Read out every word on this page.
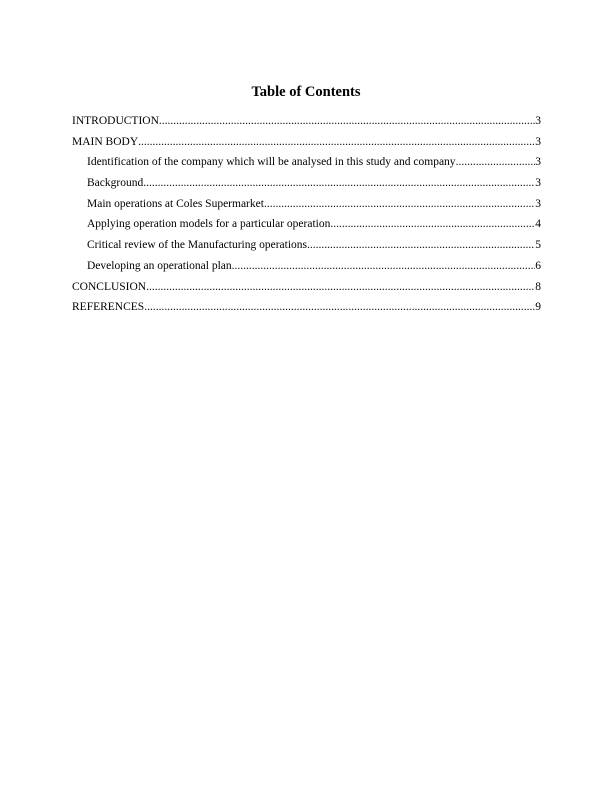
Table of Contents
INTRODUCTION .....	3
MAIN BODY .....	3
Identification of the company which will be analysed in this study and company .....	3
Background .....	3
Main operations at Coles Supermarket .....	3
Applying operation models for a particular operation .....	4
Critical review of the Manufacturing operations .....	5
Developing an operational plan .....	6
CONCLUSION .....	8
REFERENCES .....	9
